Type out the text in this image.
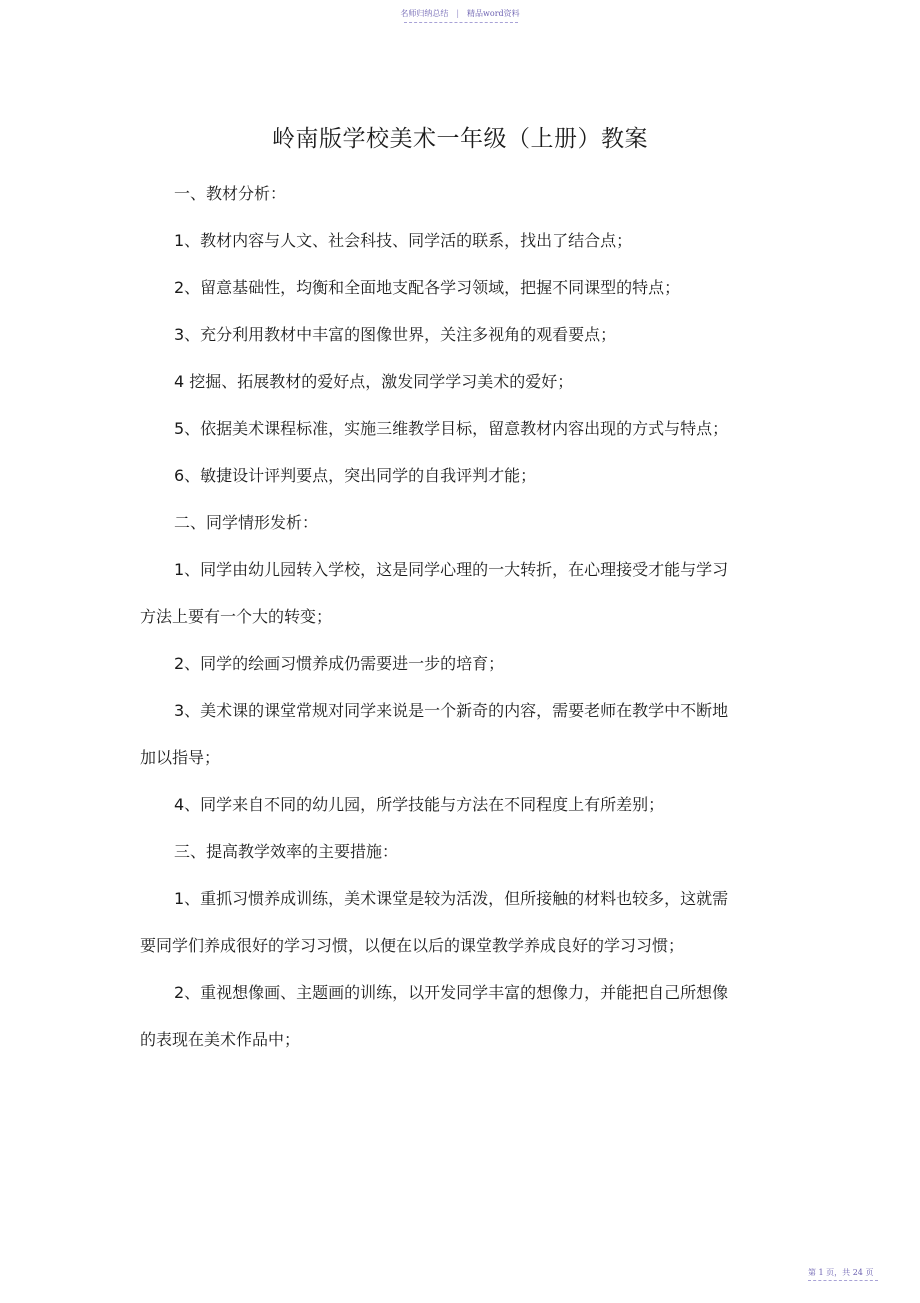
名师归纳总结 | 精品word资料
岭南版学校美术一年级（上册）教案

一、教材分析：

1、教材内容与人文、社会科技、同学活的联系，找出了结合点；

2、留意基础性，均衡和全面地支配各学习领域，把握不同课型的特点；

3、充分利用教材中丰富的图像世界，关注多视角的观看要点；

4 挖掘、拓展教材的爱好点，激发同学学习美术的爱好；

5、依据美术课程标准，实施三维教学目标，留意教材内容出现的方式与特点；

6、敏捷设计评判要点，突出同学的自我评判才能；

二、同学情形发析：

1、同学由幼儿园转入学校，这是同学心理的一大转折，在心理接受才能与学习方法上要有一个大的转变；

2、同学的绘画习惯养成仍需要进一步的培育；

3、美术课的课堂常规对同学来说是一个新奇的内容，需要老师在教学中不断地加以指导；

4、同学来自不同的幼儿园，所学技能与方法在不同程度上有所差别；

三、提高教学效率的主要措施：

1、重抓习惯养成训练，美术课堂是较为活泼，但所接触的材料也较多，这就需要同学们养成很好的学习习惯，以便在以后的课堂教学养成良好的学习习惯；

2、重视想像画、主题画的训练，以开发同学丰富的想像力，并能把自己所想像的表现在美术作品中；

第 1 页，共 24 页
